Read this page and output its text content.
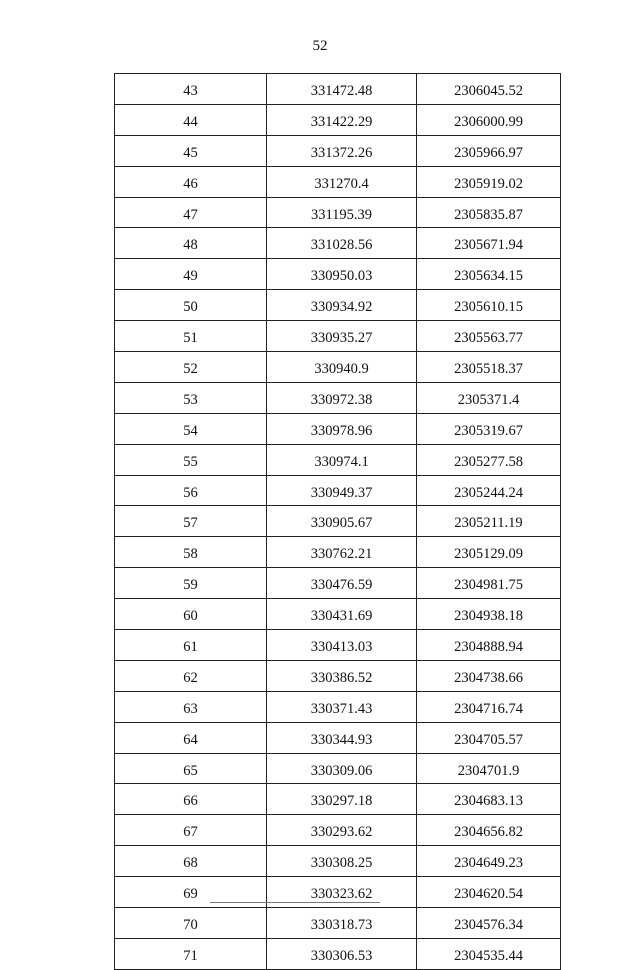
52
43	331472.48	2306045.52
44	331422.29	2306000.99
45	331372.26	2305966.97
46	331270.4	2305919.02
47	331195.39	2305835.87
48	331028.56	2305671.94
49	330950.03	2305634.15
50	330934.92	2305610.15
51	330935.27	2305563.77
52	330940.9	2305518.37
53	330972.38	2305371.4
54	330978.96	2305319.67
55	330974.1	2305277.58
56	330949.37	2305244.24
57	330905.67	2305211.19
58	330762.21	2305129.09
59	330476.59	2304981.75
60	330431.69	2304938.18
61	330413.03	2304888.94
62	330386.52	2304738.66
63	330371.43	2304716.74
64	330344.93	2304705.57
65	330309.06	2304701.9
66	330297.18	2304683.13
67	330293.62	2304656.82
68	330308.25	2304649.23
69	330323.62	2304620.54
70	330318.73	2304576.34
71	330306.53	2304535.44
